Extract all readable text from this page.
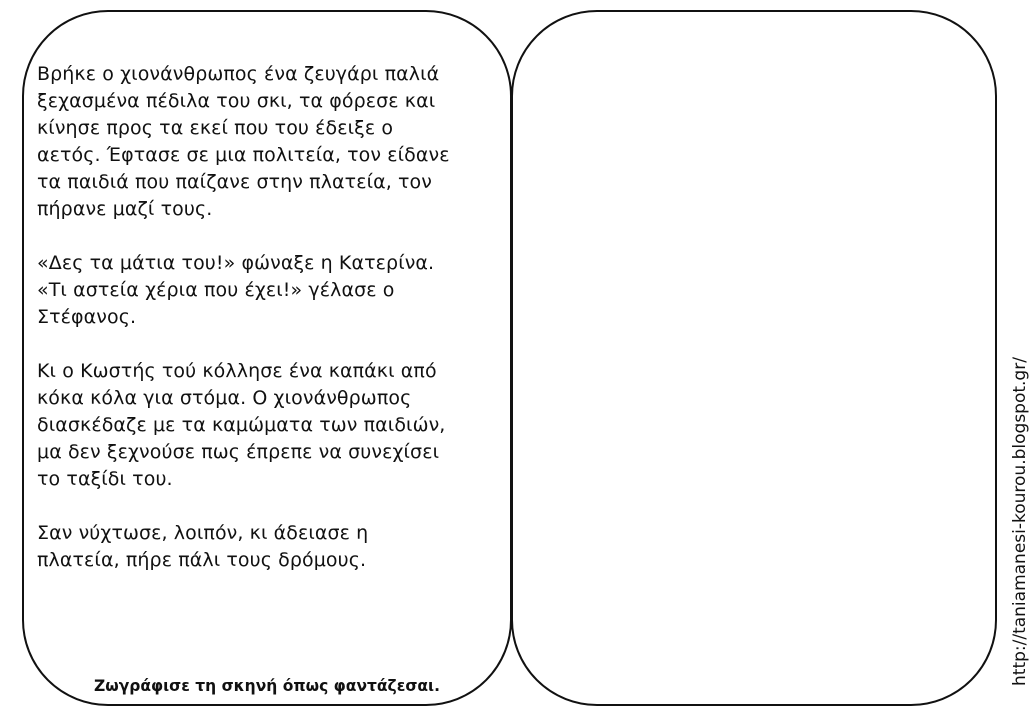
Βρήκε ο χιονάνθρωπος ένα ζευγάρι παλιά
ξεχασμένα πέδιλα του σκι, τα φόρεσε και
κίνησε προς τα εκεί που του έδειξε ο
αετός. Έφτασε σε μια πολιτεία, τον είδανε
τα παιδιά που παίζανε στην πλατεία, τον
πήρανε μαζί τους.

«Δες τα μάτια του!» φώναξε η Κατερίνα.
«Τι αστεία χέρια που έχει!» γέλασε ο
Στέφανος.

Κι ο Κωστής τού κόλλησε ένα καπάκι από
κόκα κόλα για στόμα. Ο χιονάνθρωπος
διασκέδαζε με τα καμώματα των παιδιών,
μα δεν ξεχνούσε πως έπρεπε να συνεχίσει
το ταξίδι του.

Σαν νύχτωσε, λοιπόν, κι άδειασε η
πλατεία, πήρε πάλι τους δρόμους.

Ζωγράφισε τη σκηνή όπως φαντάζεσαι.	http://taniamanesi-kourou.blogspot.gr/
